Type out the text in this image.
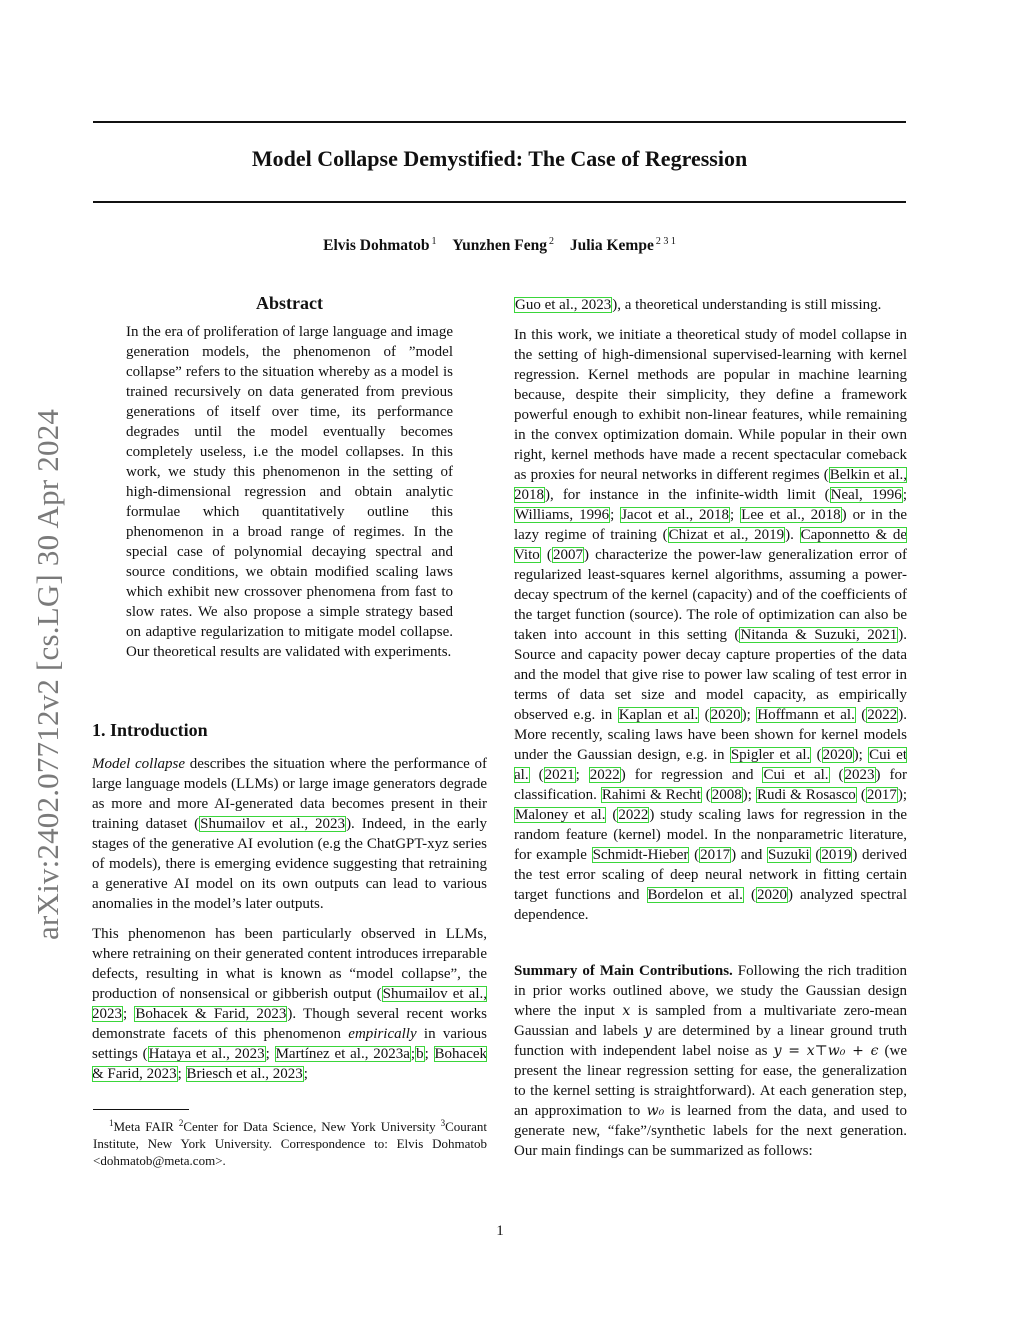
arXiv:2402.07712v2 [cs.LG] 30 Apr 2024
Model Collapse Demystified: The Case of Regression
Elvis Dohmatob $^1$ Yunzhen Feng $^2$ Julia Kempe $^{2 3 1}$
Abstract

In the era of proliferation of large language and image generation models, the phenomenon of ”model collapse” refers to the situation whereby as a model is trained recursively on data generated from previous generations of itself over time, its performance degrades until the model eventually becomes completely useless, i.e the model collapses. In this work, we study this phenomenon in the setting of high-dimensional regression and obtain analytic formulae which quantitatively outline this phenomenon in a broad range of regimes. In the special case of polynomial decaying spectral and source conditions, we obtain modified scaling laws which exhibit new crossover phenomena from fast to slow rates. We also propose a simple strategy based on adaptive regularization to mitigate model collapse. Our theoretical results are validated with experiments.

1. Introduction

Model collapse describes the situation where the performance of large language models (LLMs) or large image generators degrade as more and more AI-generated data becomes present in their training dataset (Shumailov et al., 2023). Indeed, in the early stages of the generative AI evolution (e.g the ChatGPT-xyz series of models), there is emerging evidence suggesting that retraining a generative AI model on its own outputs can lead to various anomalies in the model’s later outputs.

This phenomenon has been particularly observed in LLMs, where retraining on their generated content introduces irreparable defects, resulting in what is known as “model collapse”, the production of nonsensical or gibberish output (Shumailov et al., 2023; Bohacek & Farid, 2023). Though several recent works demonstrate facets of this phenomenon empirically in various settings (Hataya et al., 2023; Martínez et al., 2023a;b; Bohacek & Farid, 2023; Briesch et al., 2023;

Guo et al., 2023), a theoretical understanding is still missing.

In this work, we initiate a theoretical study of model collapse in the setting of high-dimensional supervised-learning with kernel regression. Kernel methods are popular in machine learning because, despite their simplicity, they define a framework powerful enough to exhibit non-linear features, while remaining in the convex optimization domain. While popular in their own right, kernel methods have made a recent spectacular comeback as proxies for neural networks in different regimes (Belkin et al., 2018), for instance in the infinite-width limit (Neal, 1996; Williams, 1996; Jacot et al., 2018; Lee et al., 2018) or in the lazy regime of training (Chizat et al., 2019). Caponnetto & de Vito (2007) characterize the power-law generalization error of regularized least-squares kernel algorithms, assuming a power-decay spectrum of the kernel (capacity) and of the coefficients of the target function (source). The role of optimization can also be taken into account in this setting (Nitanda & Suzuki, 2021). Source and capacity power decay capture properties of the data and the model that give rise to power law scaling of test error in terms of data set size and model capacity, as empirically observed e.g. in Kaplan et al. (2020); Hoffmann et al. (2022). More recently, scaling laws have been shown for kernel models under the Gaussian design, e.g. in Spigler et al. (2020); Cui et al. (2021; 2022) for regression and Cui et al. (2023) for classification. Rahimi & Recht (2008); Rudi & Rosasco (2017); Maloney et al. (2022) study scaling laws for regression in the random feature (kernel) model. In the nonparametric literature, for example Schmidt-Hieber (2017) and Suzuki (2019) derived the test error scaling of deep neural network in fitting certain target functions and Bordelon et al. (2020) analyzed spectral dependence.

Summary of Main Contributions. Following the rich tradition in prior works outlined above, we study the Gaussian design where the input x is sampled from a multivariate zero-mean Gaussian and labels y are determined by a linear ground truth function with independent label noise as y = x⊤w₀ + ϵ (we present the linear regression setting for ease, the generalization to the kernel setting is straightforward). At each generation step, an approximation to w₀ is learned from the data, and used to generate new, “fake”/synthetic labels for the next generation. Our main findings can be summarized as follows:

$^1$Meta FAIR $^2$Center for Data Science, New York University $^3$Courant Institute, New York University. Correspondence to: Elvis Dohmatob <dohmatob@meta.com>.
1
